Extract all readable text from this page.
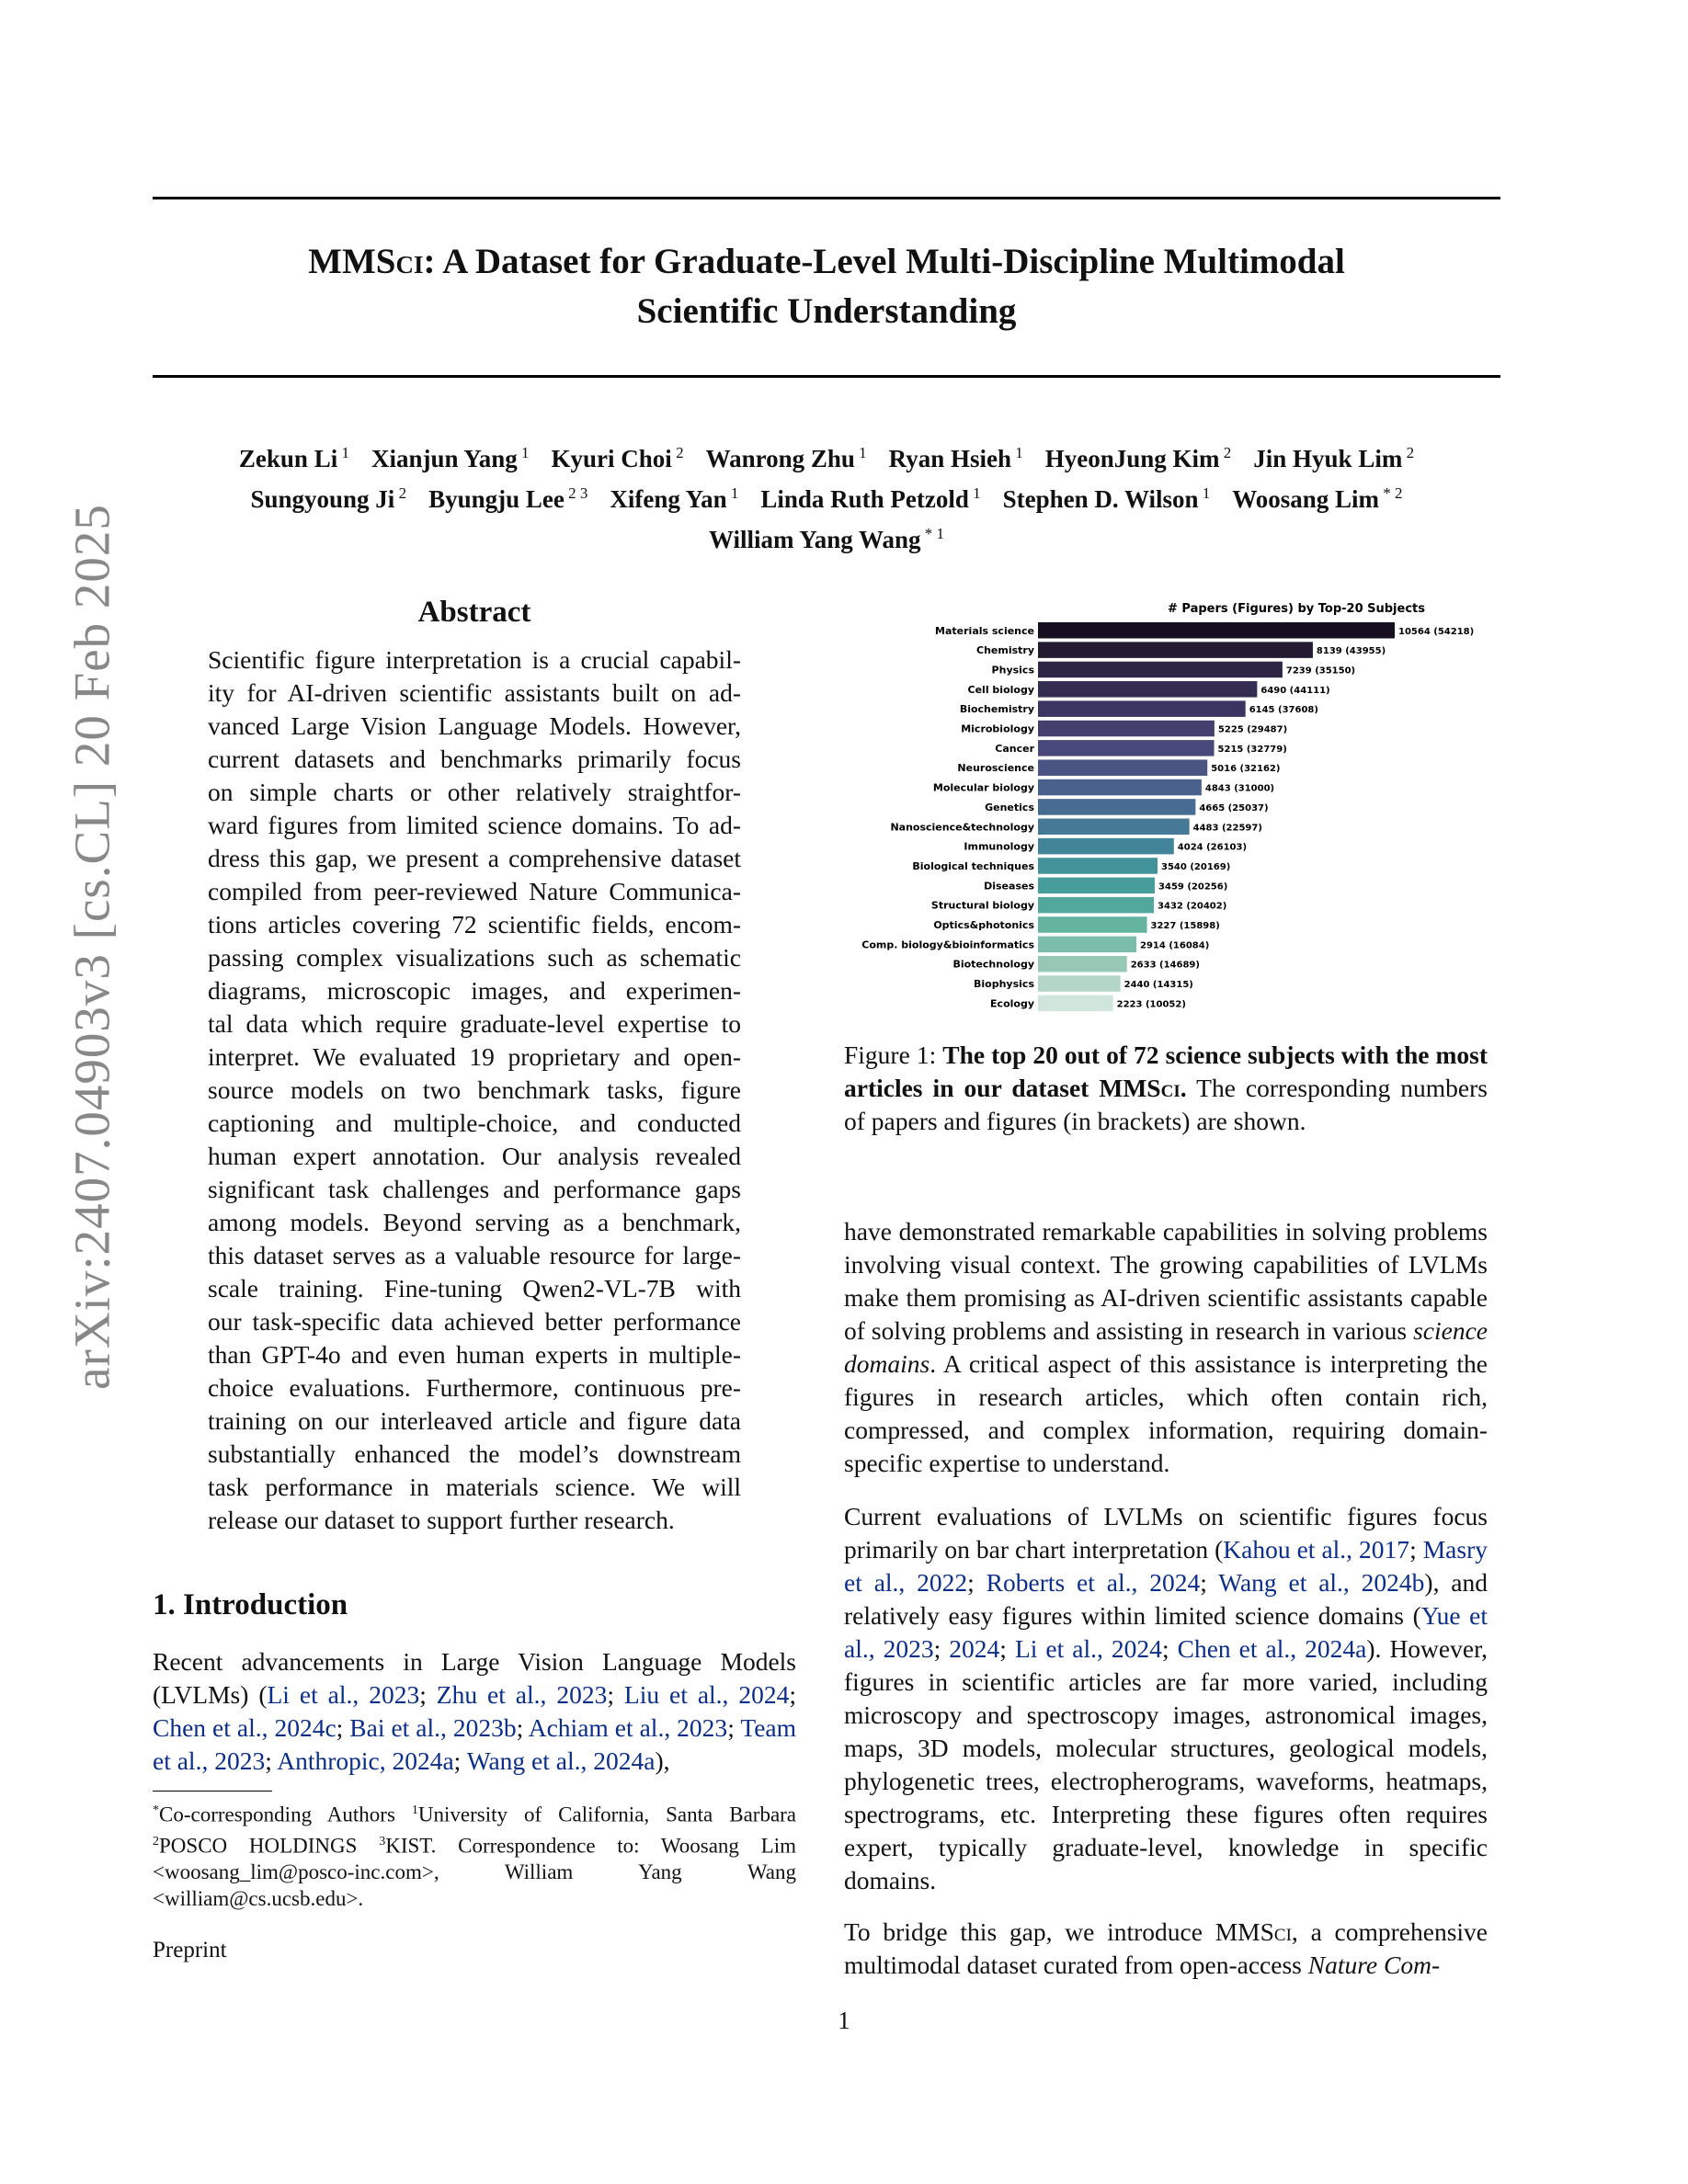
MMSci: A Dataset for Graduate-Level Multi-Discipline Multimodal
Scientific Understanding
Zekun Li $^1$ Xianjun Yang $^1$ Kyuri Choi $^2$ Wanrong Zhu $^1$ Ryan Hsieh $^1$ HyeonJung Kim $^2$ Jin Hyuk Lim $^2$
Sungyoung Ji $^2$ Byungju Lee $^{2 3}$ Xifeng Yan $^1$ Linda Ruth Petzold $^1$ Stephen D. Wilson $^1$ Woosang Lim $^{* 2}$
William Yang Wang $^{* 1}$
arXiv:2407.04903v3 [cs.CL] 20 Feb 2025	Abstract
Scientific figure interpretation is a crucial capabil-
ity for AI-driven scientific assistants built on ad-
vanced Large Vision Language Models. However,
current datasets and benchmarks primarily focus
on simple charts or other relatively straightfor-
ward figures from limited science domains. To ad-
dress this gap, we present a comprehensive dataset
compiled from peer-reviewed Nature Communica-
tions articles covering 72 scientific fields, encom-
passing complex visualizations such as schematic
diagrams, microscopic images, and experimen-
tal data which require graduate-level expertise to
interpret. We evaluated 19 proprietary and open-
source models on two benchmark tasks, figure
captioning and multiple-choice, and conducted
human expert annotation. Our analysis revealed
significant task challenges and performance gaps
among models. Beyond serving as a benchmark,
this dataset serves as a valuable resource for large-
scale training. Fine-tuning Qwen2-VL-7B with
our task-specific data achieved better performance
than GPT-4o and even human experts in multiple-
choice evaluations. Furthermore, continuous pre-
training on our interleaved article and figure data
substantially enhanced the model’s downstream
task performance in materials science. We will
release our dataset to support further research.
1. Introduction
Recent advancements in Large Vision Language Models (LVLMs) (Li et al., 2023; Zhu et al., 2023; Liu et al., 2024; Chen et al., 2024c; Bai et al., 2023b; Achiam et al., 2023; Team et al., 2023; Anthropic, 2024a; Wang et al., 2024a),
*Co-corresponding Authors $^1$University of California, Santa Barbara $^2$POSCO HOLDINGS $^3$KIST. Correspondence to: Woosang Lim <woosang_lim@posco-inc.com>, William Yang Wang <william@cs.ucsb.edu>.
Preprint
1
# Papers (Figures) by Top-20 Subjects
Materials science	10564 (54218)
Chemistry	8139 (43955)
Physics	7239 (35150)
Cell biology	6490 (44111)
Biochemistry	6145 (37608)
Microbiology	5225 (29487)
Cancer	5215 (32779)
Neuroscience	5016 (32162)
Molecular biology	4843 (31000)
Genetics	4665 (25037)
Nanoscience&technology	4483 (22597)
Immunology	4024 (26103)
Biological techniques	3540 (20169)
Diseases	3459 (20256)
Structural biology	3432 (20402)
Optics&photonics	3227 (15898)
Comp. biology&bioinformatics	2914 (16084)
Biotechnology	2633 (14689)
Biophysics	2440 (14315)
Ecology	2223 (10052)
Figure 1: The top 20 out of 72 science subjects with the most articles in our dataset MMSci. The corresponding numbers of papers and figures (in brackets) are shown.
have demonstrated remarkable capabilities in solving problems involving visual context. The growing capabilities of LVLMs make them promising as AI-driven scientific assistants capable of solving problems and assisting in research in various science domains. A critical aspect of this assistance is interpreting the figures in research articles, which often contain rich, compressed, and complex information, requiring domain-specific expertise to understand.
Current evaluations of LVLMs on scientific figures focus primarily on bar chart interpretation (Kahou et al., 2017; Masry et al., 2022; Roberts et al., 2024; Wang et al., 2024b), and relatively easy figures within limited science domains (Yue et al., 2023; 2024; Li et al., 2024; Chen et al., 2024a). However, figures in scientific articles are far more varied, including microscopy and spectroscopy images, astronomical images, maps, 3D models, molecular structures, geological models, phylogenetic trees, electropherograms, waveforms, heatmaps, spectrograms, etc. Interpreting these figures often requires expert, typically graduate-level, knowledge in specific domains.
To bridge this gap, we introduce MMSci, a comprehensive multimodal dataset curated from open-access Nature Com-
